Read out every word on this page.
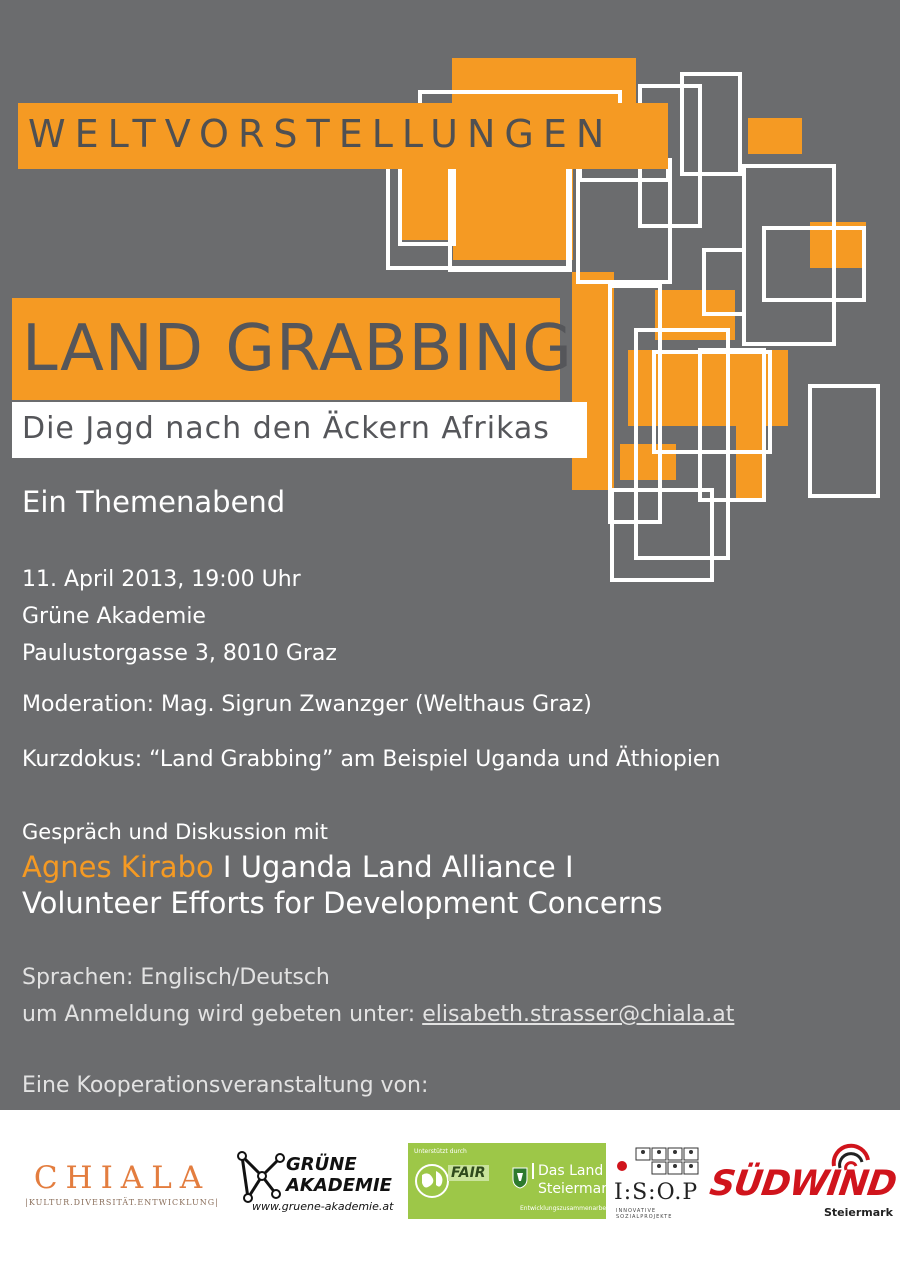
WELTVORSTELLUNGEN
LAND GRABBING
Die Jagd nach den Äckern Afrikas
Ein Themenabend
11. April 2013, 19:00 Uhr
Grüne Akademie
Paulustorgasse 3, 8010 Graz
Moderation: Mag. Sigrun Zwanzger (Welthaus Graz)
Kurzdokus: “Land Grabbing” am Beispiel Uganda und Äthiopien
Gespräch und Diskussion mit
Agnes Kirabo I Uganda Land Alliance I
Volunteer Efforts for Development Concerns
Sprachen: Englisch/Deutsch
um Anmeldung wird gebeten unter: elisabeth.strasser@chiala.at
Eine Kooperationsveranstaltung von:
CHIALA
|KULTUR.DIVERSITÄT.ENTWICKLUNG|
GRÜNE
AKADEMIE
www.gruene-akademie.at
Unterstützt durch
FAIR	Das Land
Steiermark
Entwicklungszusammenarbeit
I:S:O.P
INNOVATIVE SOZIALPROJEKTE
SÜDWIND
Steiermark
